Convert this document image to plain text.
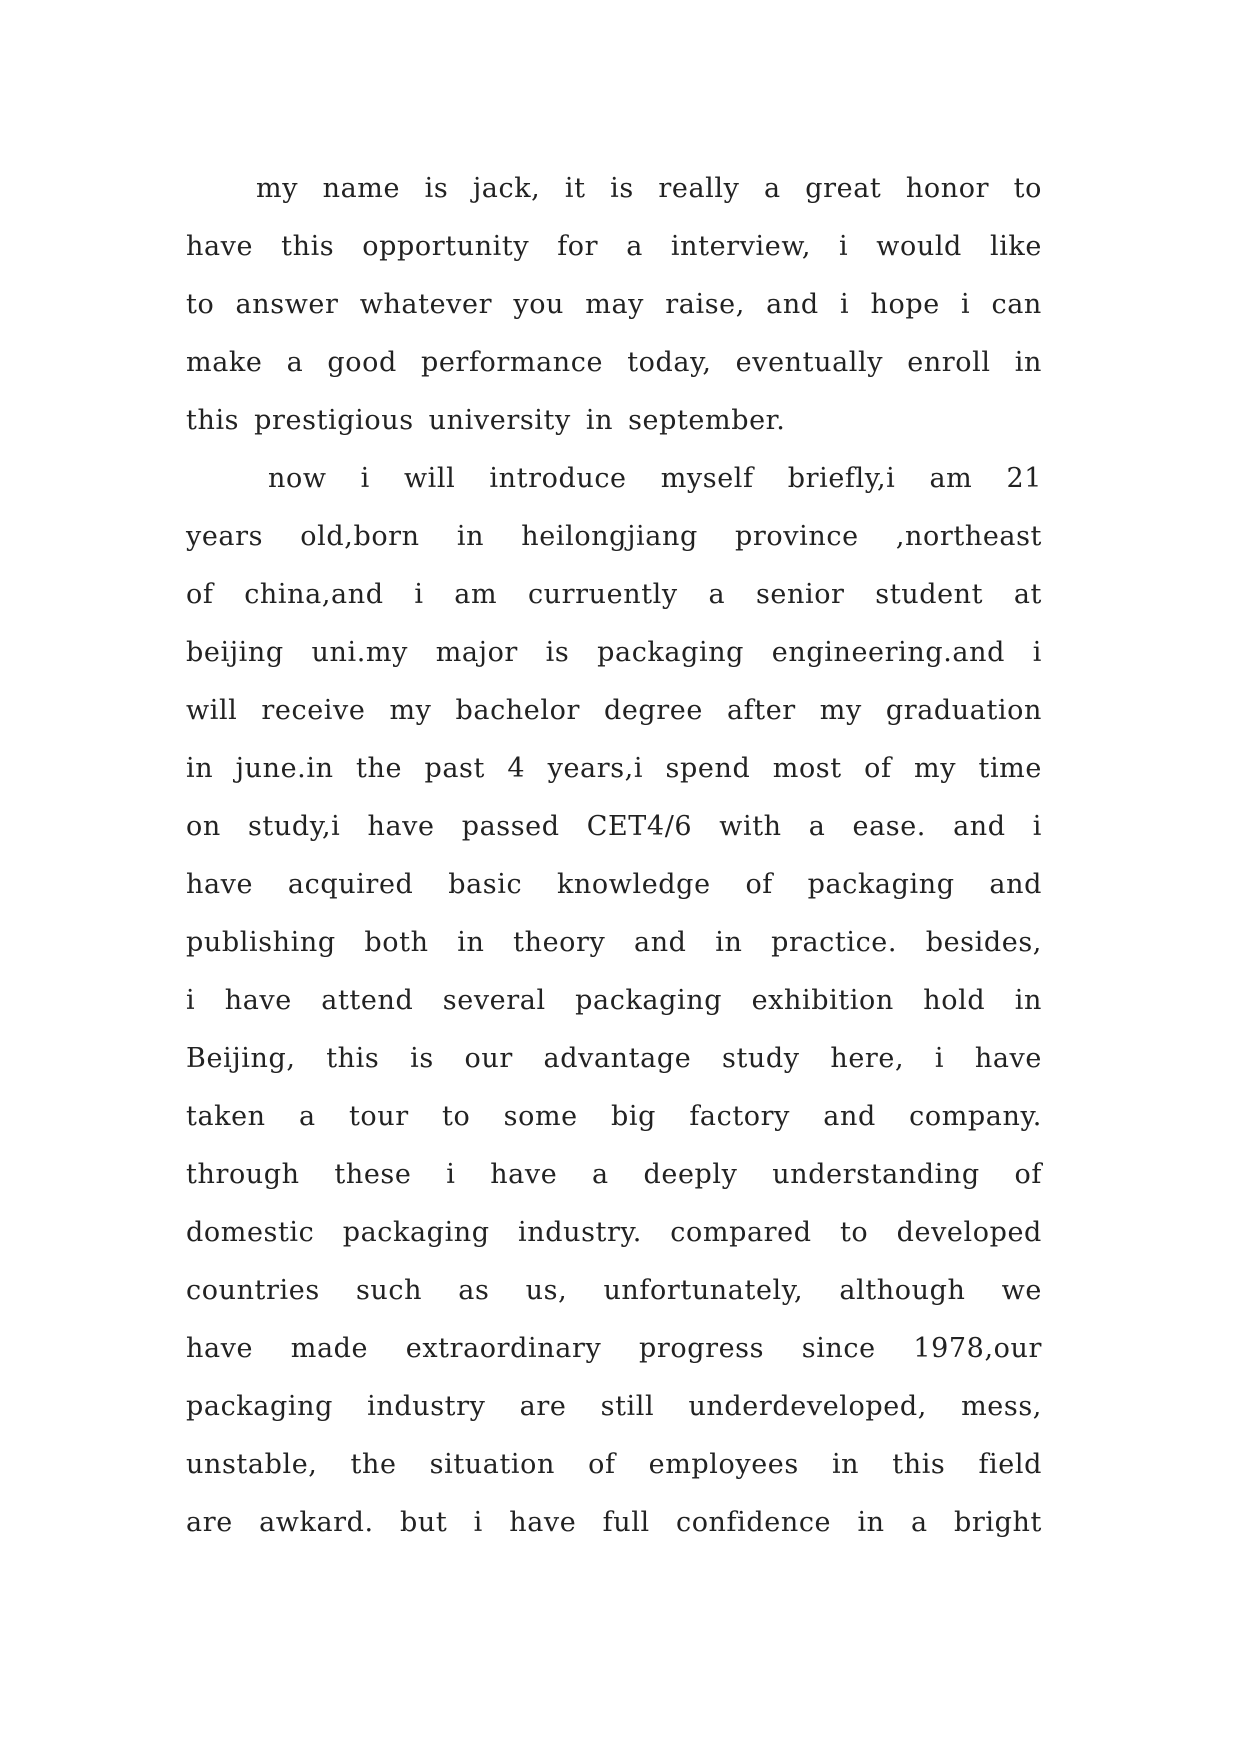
my name is jack, it is really a great honor to
have this opportunity for a interview, i would like
to answer whatever you may raise, and i hope i can
make a good performance today, eventually enroll in
this prestigious university in september.
now i will introduce myself briefly,i am 21
years old,born in heilongjiang province ,northeast
of china,and i am curruently a senior student at
beijing uni.my major is packaging engineering.and i
will receive my bachelor degree after my graduation
in june.in the past 4 years,i spend most of my time
on study,i have passed CET4/6 with a ease. and i
have acquired basic knowledge of packaging and
publishing both in theory and in practice. besides,
i have attend several packaging exhibition hold in
Beijing, this is our advantage study here, i have
taken a tour to some big factory and company.
through these i have a deeply understanding of
domestic packaging industry. compared to developed
countries such as us, unfortunately, although we
have made extraordinary progress since 1978,our
packaging industry are still underdeveloped, mess,
unstable, the situation of employees in this field
are awkard. but i have full confidence in a bright
